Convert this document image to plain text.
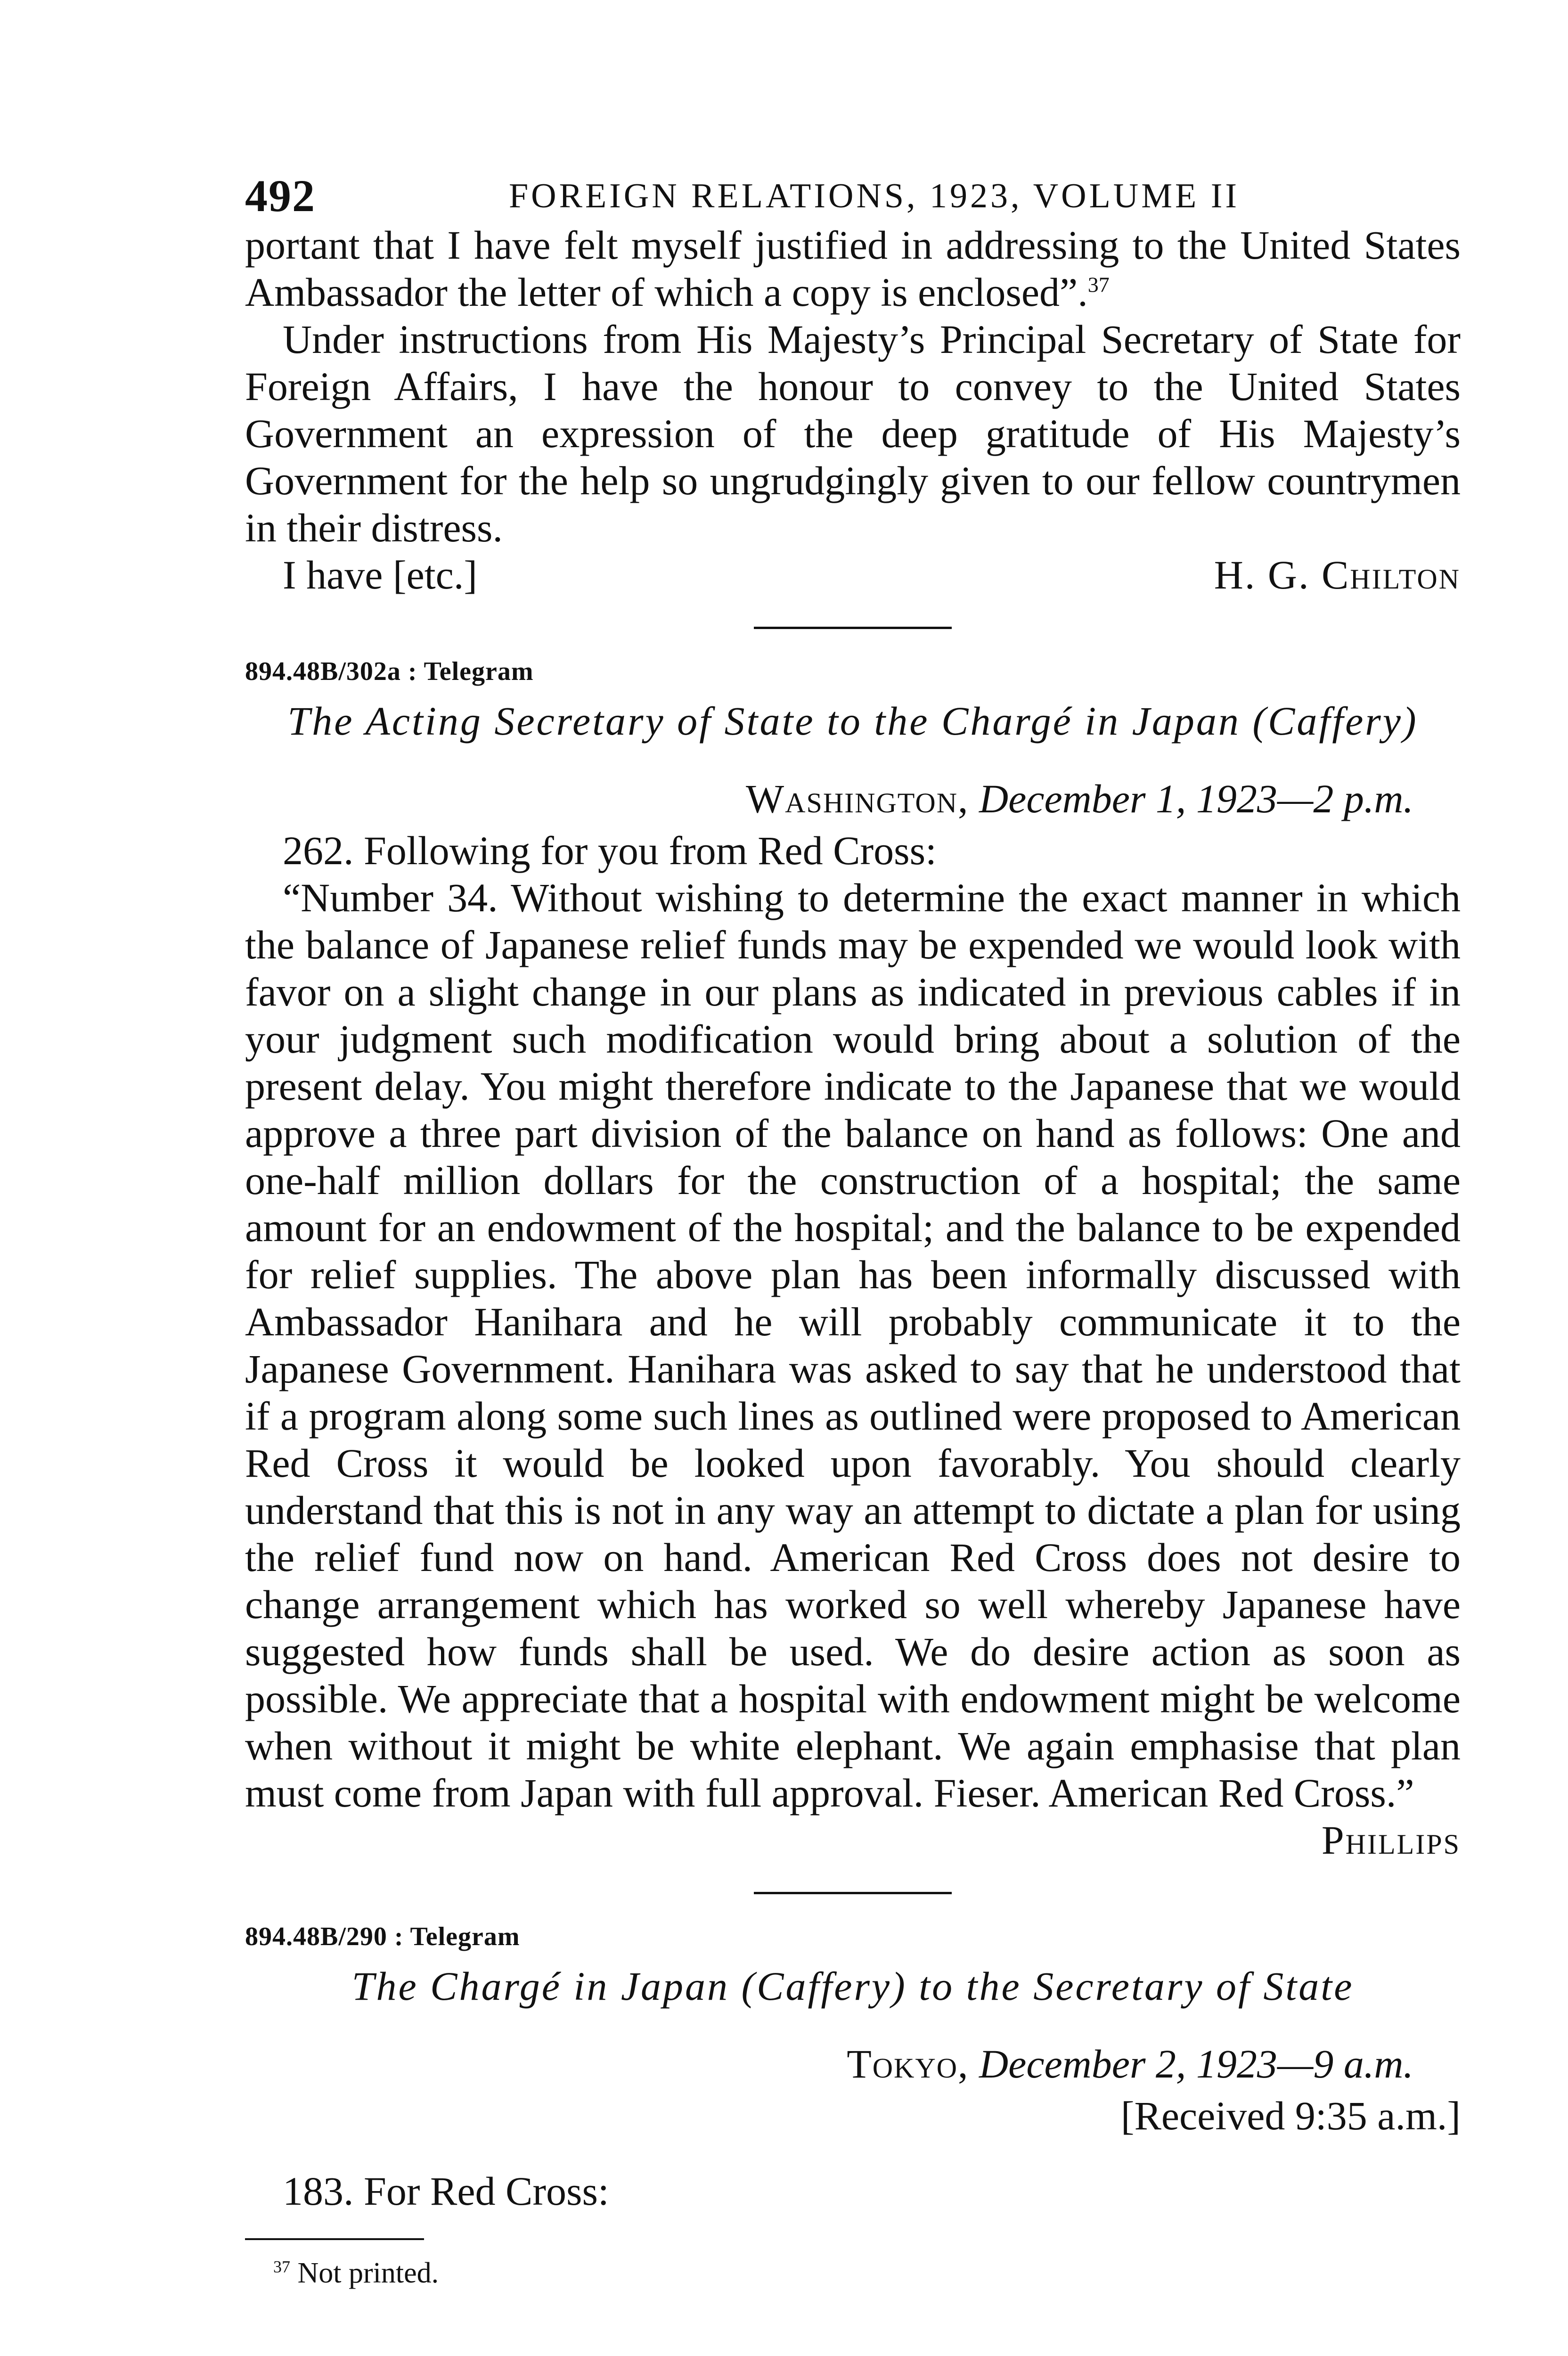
492	FOREIGN RELATIONS, 1923, VOLUME II

portant that I have felt myself justified in addressing to the United States Ambassador the letter of which a copy is enclosed”.$^{37}$

Under instructions from His Majesty’s Principal Secretary of State for Foreign Affairs, I have the honour to convey to the United States Government an expression of the deep gratitude of His Majesty’s Government for the help so ungrudgingly given to our fellow countrymen in their distress.

I have [etc.]	H. G. Chilton
894.48B/302a : Telegram
The Acting Secretary of State to the Chargé in Japan (Caffery)
Washington, December 1, 1923—2 p.m.

262. Following for you from Red Cross:

“Number 34. Without wishing to determine the exact manner in which the balance of Japanese relief funds may be expended we would look with favor on a slight change in our plans as indicated in previous cables if in your judgment such modification would bring about a solution of the present delay. You might therefore indicate to the Japanese that we would approve a three part division of the balance on hand as follows: One and one-half million dollars for the construction of a hospital; the same amount for an endowment of the hospital; and the balance to be expended for relief supplies. The above plan has been informally discussed with Ambassador Hanihara and he will probably communicate it to the Japanese Government. Hanihara was asked to say that he understood that if a program along some such lines as outlined were proposed to American Red Cross it would be looked upon favorably. You should clearly understand that this is not in any way an attempt to dictate a plan for using the relief fund now on hand. American Red Cross does not desire to change arrangement which has worked so well whereby Japanese have suggested how funds shall be used. We do desire action as soon as possible. We appreciate that a hospital with endowment might be welcome when without it might be white elephant. We again emphasise that plan must come from Japan with full approval. Fieser. American Red Cross.”

Phillips
894.48B/290 : Telegram
The Chargé in Japan (Caffery) to the Secretary of State
Tokyo, December 2, 1923—9 a.m.
[Received 9:35 a.m.]

183. For Red Cross:

$^{37}$ Not printed.
